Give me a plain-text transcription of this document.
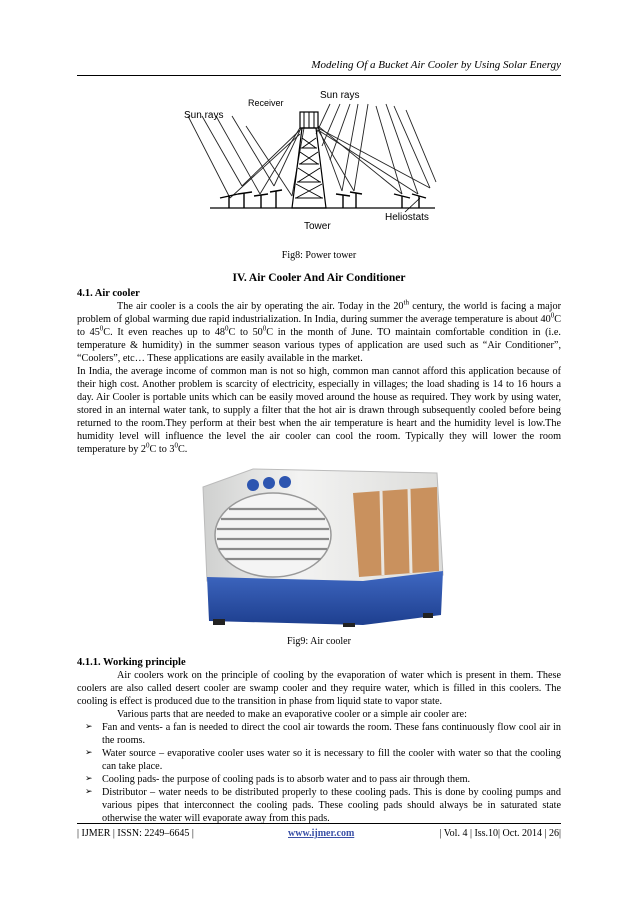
Modeling Of a Bucket Air Cooler by Using Solar Energy
Sun rays
Receiver
Sun rays
Heliostats
Tower
Fig8: Power tower
IV. Air Cooler And Air Conditioner
4.1. Air cooler

The air cooler is a cools the air by operating the air. Today in the 20th century, the world is facing a major problem of global warming due rapid industrialization. In India, during summer the average temperature is about $40^0C$ to $45^0C$. It even reaches up to $48^0C$ to $50^0C$ in the month of June. TO maintain comfortable condition in (i.e. temperature & humidity) in the summer season various types of application are used such as “Air Conditioner”, “Coolers”, etc… These applications are easily available in the market.

In India, the average income of common man is not so high, common man cannot afford this application because of their high cost. Another problem is scarcity of electricity, especially in villages; the load shading is 14 to 16 hours a day. Air Cooler is portable units which can be easily moved around the house as required. They work by using water, stored in an internal water tank, to supply a filter that the hot air is drawn through subsequently cooled before being returned to the room.They perform at their best when the air temperature is heart and the humidity level is low.The humidity level will influence the level the air cooler can cool the room. Typically they will lower the room temperature by $2^0C$ to $3^0C$.

Fig9: Air cooler
4.1.1. Working principle

Air coolers work on the principle of cooling by the evaporation of water which is present in them. These coolers are also called desert cooler are swamp cooler and they require water, which is filled in this coolers. The cooling is effect is produced due to the transition in phase from liquid state to vapor state.

Various parts that are needed to make an evaporative cooler or a simple air cooler are:

➢ Fan and vents- a fan is needed to direct the cool air towards the room. These fans continuously flow cool air in the rooms.
➢ Water source – evaporative cooler uses water so it is necessary to fill the cooler with water so that the cooling can take place.
➢ Cooling pads- the purpose of cooling pads is to absorb water and to pass air through them.
➢ Distributor – water needs to be distributed properly to these cooling pads. This is done by cooling pumps and various pipes that interconnect the cooling pads. These cooling pads should always be in saturated state otherwise the water will evaporate away from this pads.
| IJMER | ISSN: 2249–6645 |	www.ijmer.com	| Vol. 4 | Iss.10| Oct. 2014 | 26|
